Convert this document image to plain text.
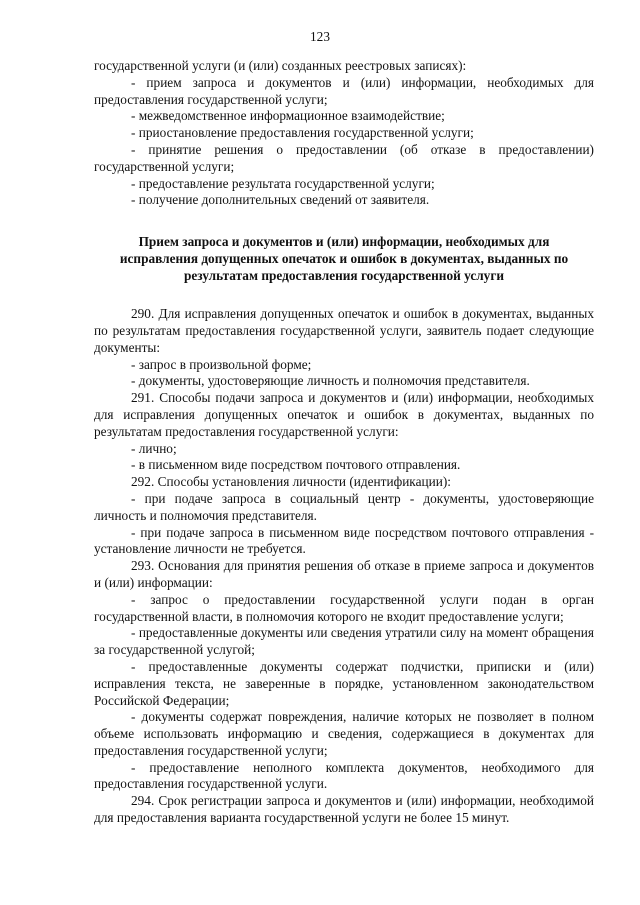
123

государственной услуги (и (или) созданных реестровых записях):

- прием запроса и документов и (или) информации, необходимых для предоставления государственной услуги;

- межведомственное информационное взаимодействие;

- приостановление предоставления государственной услуги;

- принятие решения о предоставлении (об отказе в предоставлении) государственной услуги;

- предоставление результата государственной услуги;

- получение дополнительных сведений от заявителя.

Прием запроса и документов и (или) информации, необходимых для исправления допущенных опечаток и ошибок в документах, выданных по результатам предоставления государственной услуги

290. Для исправления допущенных опечаток и ошибок в документах, выданных по результатам предоставления государственной услуги, заявитель подает следующие документы:

- запрос в произвольной форме;

- документы, удостоверяющие личность и полномочия представителя.

291. Способы подачи запроса и документов и (или) информации, необходимых для исправления допущенных опечаток и ошибок в документах, выданных по результатам предоставления государственной услуги:

- лично;

- в письменном виде посредством почтового отправления.

292. Способы установления личности (идентификации):

- при подаче запроса в социальный центр - документы, удостоверяющие личность и полномочия представителя.

- при подаче запроса в письменном виде посредством почтового отправления - установление личности не требуется.

293. Основания для принятия решения об отказе в приеме запроса и документов и (или) информации:

- запрос о предоставлении государственной услуги подан в орган государственной власти, в полномочия которого не входит предоставление услуги;

- предоставленные документы или сведения утратили силу на момент обращения за государственной услугой;

- предоставленные документы содержат подчистки, приписки и (или) исправления текста, не заверенные в порядке, установленном законодательством Российской Федерации;

- документы содержат повреждения, наличие которых не позволяет в полном объеме использовать информацию и сведения, содержащиеся в документах для предоставления государственной услуги;

- предоставление неполного комплекта документов, необходимого для предоставления государственной услуги.

294. Срок регистрации запроса и документов и (или) информации, необходимой для предоставления варианта государственной услуги не более 15 минут.
